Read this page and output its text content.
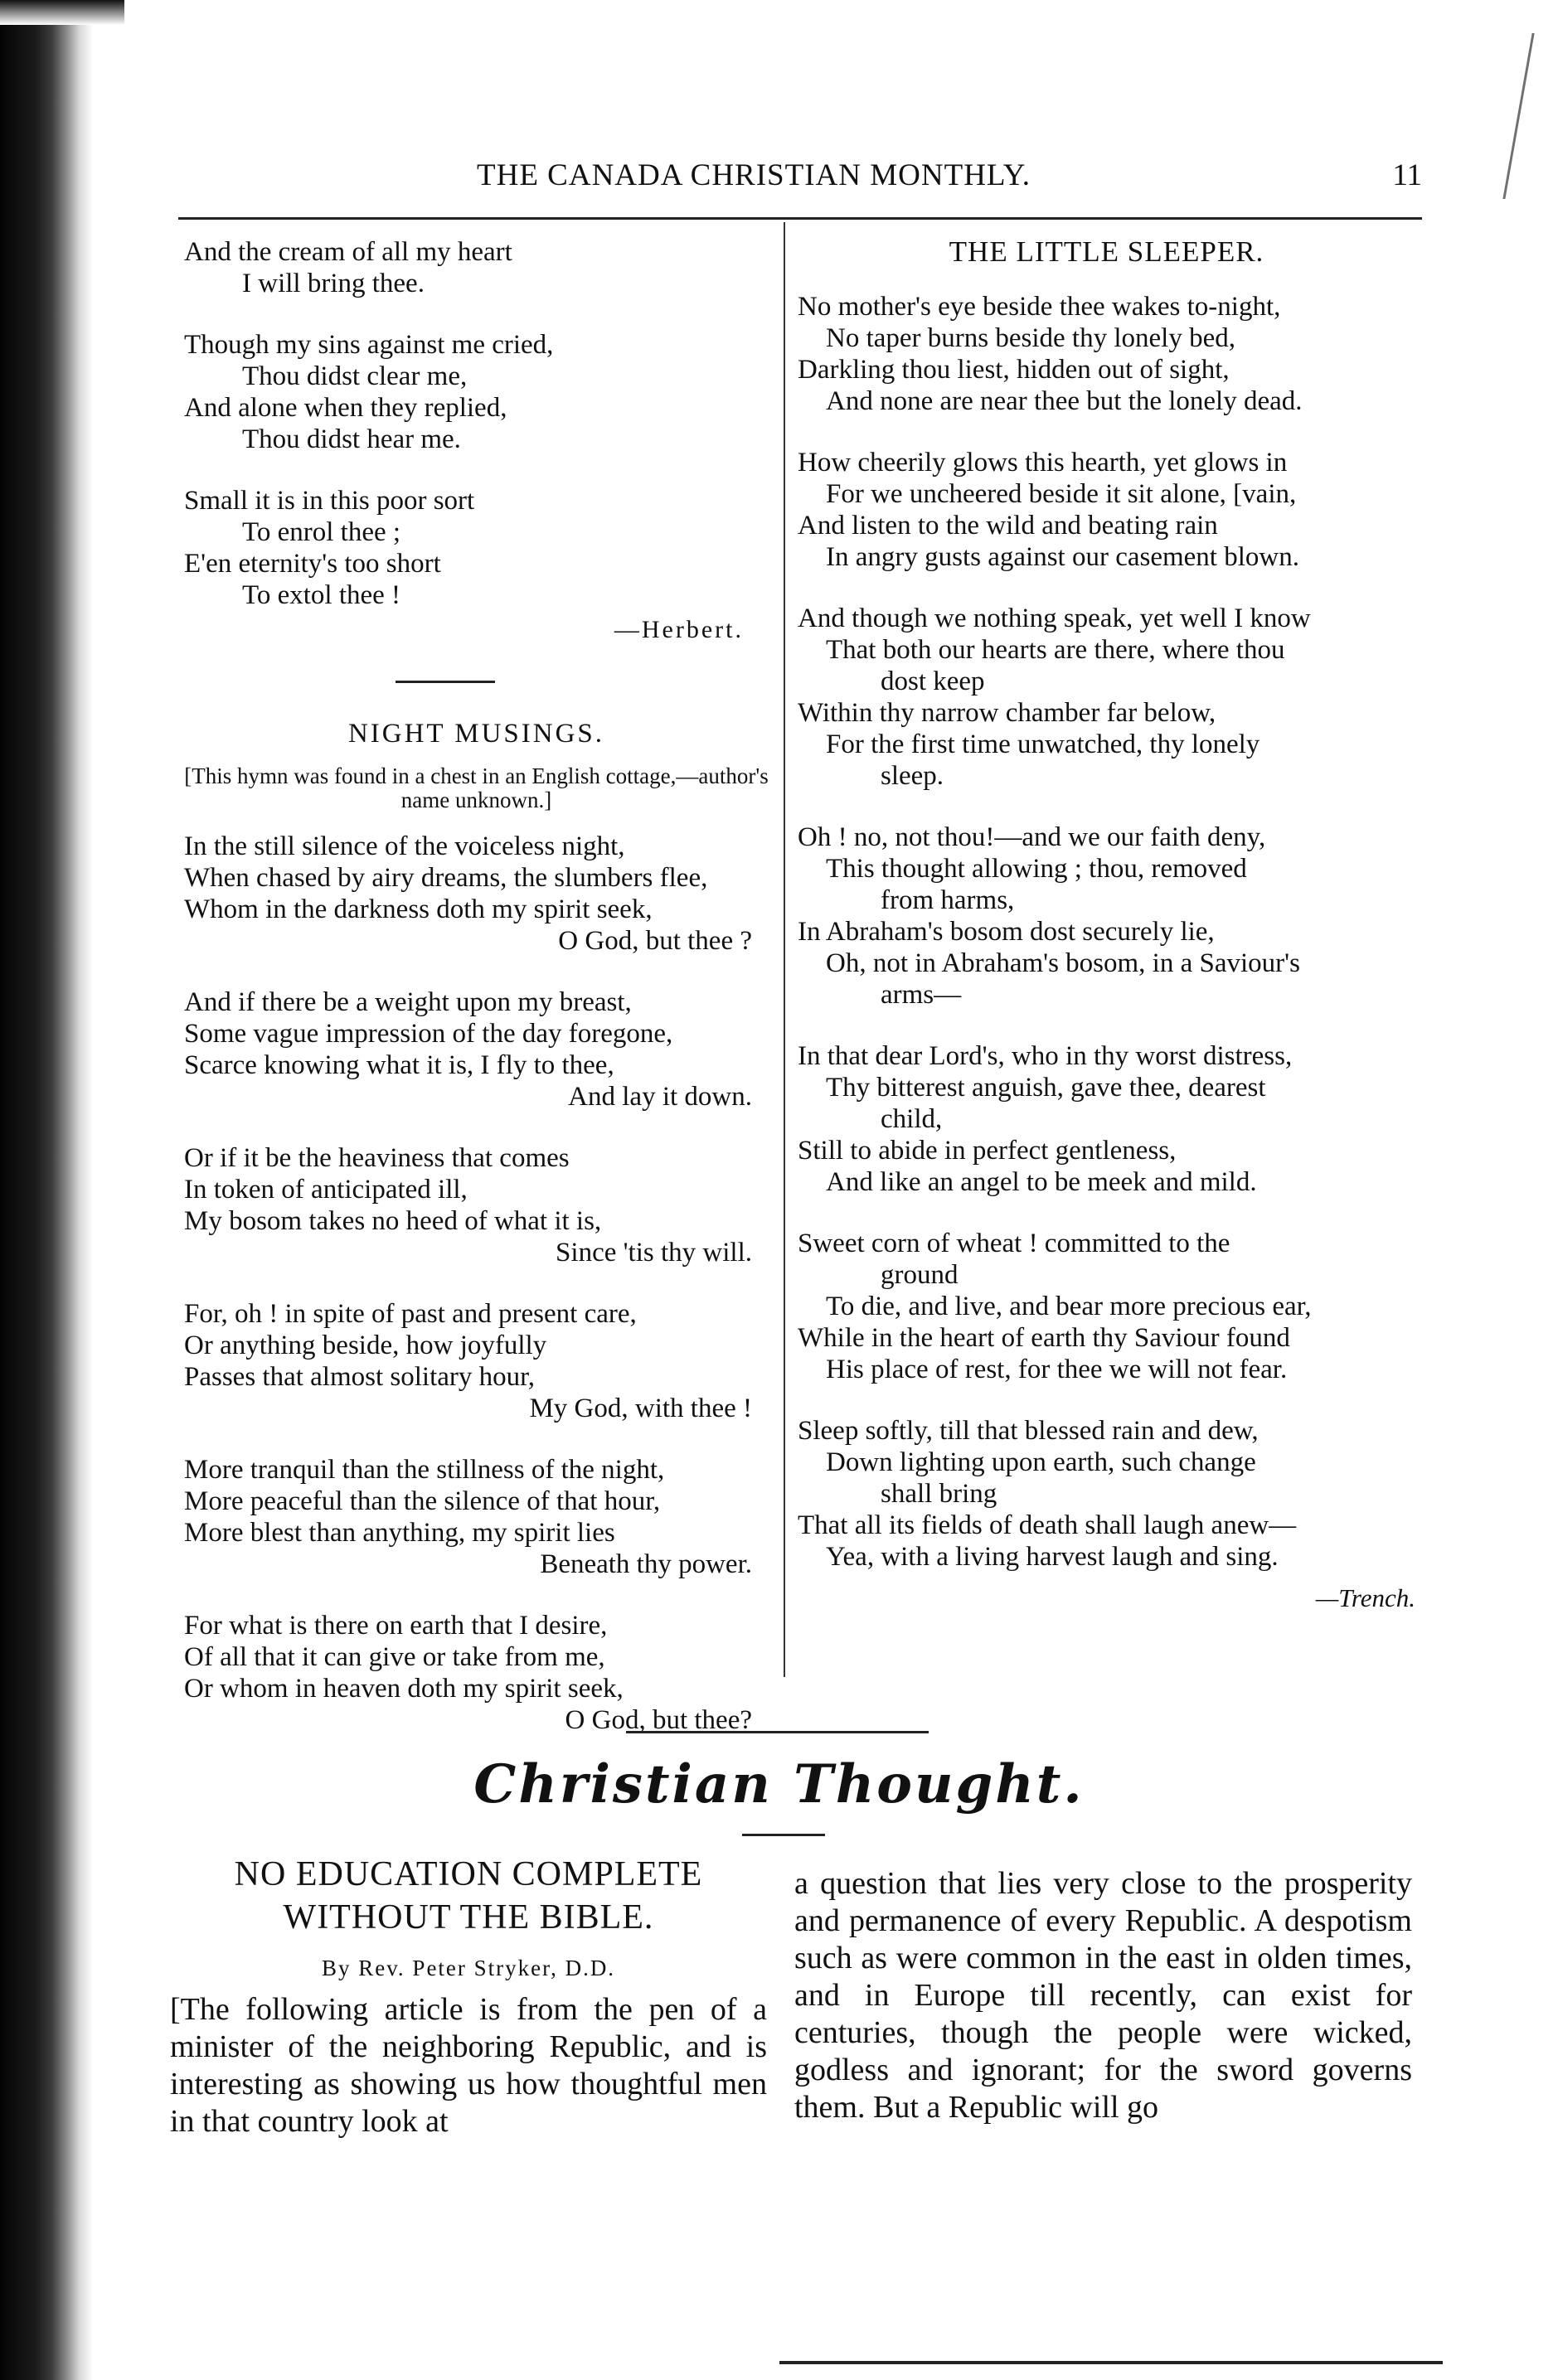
THE CANADA CHRISTIAN MONTHLY.	11
And the cream of all my heart
I will bring thee.
Though my sins against me cried,
Thou didst clear me,
And alone when they replied,
Thou didst hear me.
Small it is in this poor sort
To enrol thee ;
E'en eternity's too short
To extol thee !
—Herbert.
NIGHT MUSINGS.
[This hymn was found in a chest in an English cottage,—author's name unknown.]
In the still silence of the voiceless night,
When chased by airy dreams, the slumbers flee,
Whom in the darkness doth my spirit seek,
O God, but thee ?
And if there be a weight upon my breast,
Some vague impression of the day foregone,
Scarce knowing what it is, I fly to thee,
And lay it down.
Or if it be the heaviness that comes
In token of anticipated ill,
My bosom takes no heed of what it is,
Since 'tis thy will.
For, oh ! in spite of past and present care,
Or anything beside, how joyfully
Passes that almost solitary hour,
My God, with thee !
More tranquil than the stillness of the night,
More peaceful than the silence of that hour,
More blest than anything, my spirit lies
Beneath thy power.
For what is there on earth that I desire,
Of all that it can give or take from me,
Or whom in heaven doth my spirit seek,
O God, but thee?
THE LITTLE SLEEPER.
No mother's eye beside thee wakes to-night,
No taper burns beside thy lonely bed,
Darkling thou liest, hidden out of sight,
And none are near thee but the lonely dead.
How cheerily glows this hearth, yet glows in
For we uncheered beside it sit alone, [vain,
And listen to the wild and beating rain
In angry gusts against our casement blown.
And though we nothing speak, yet well I know
That both our hearts are there, where thou
dost keep
Within thy narrow chamber far below,
For the first time unwatched, thy lonely
sleep.
Oh ! no, not thou!—and we our faith deny,
This thought allowing ; thou, removed
from harms,
In Abraham's bosom dost securely lie,
Oh, not in Abraham's bosom, in a Saviour's
arms—
In that dear Lord's, who in thy worst distress,
Thy bitterest anguish, gave thee, dearest
child,
Still to abide in perfect gentleness,
And like an angel to be meek and mild.
Sweet corn of wheat ! committed to the
ground
To die, and live, and bear more precious ear,
While in the heart of earth thy Saviour found
His place of rest, for thee we will not fear.
Sleep softly, till that blessed rain and dew,
Down lighting upon earth, such change
shall bring
That all its fields of death shall laugh anew—
Yea, with a living harvest laugh and sing.
—Trench.
Christian Thought.
NO EDUCATION COMPLETE
WITHOUT THE BIBLE.
By Rev. Peter Stryker, D.D.
[The following article is from the pen of a minister of the neighboring Republic, and is interesting as showing us how thoughtful men in that country look at
a question that lies very close to the prosperity and permanence of every Republic. A despotism such as were common in the east in olden times, and in Europe till recently, can exist for centuries, though the people were wicked, godless and ignorant; for the sword governs them. But a Republic will go
